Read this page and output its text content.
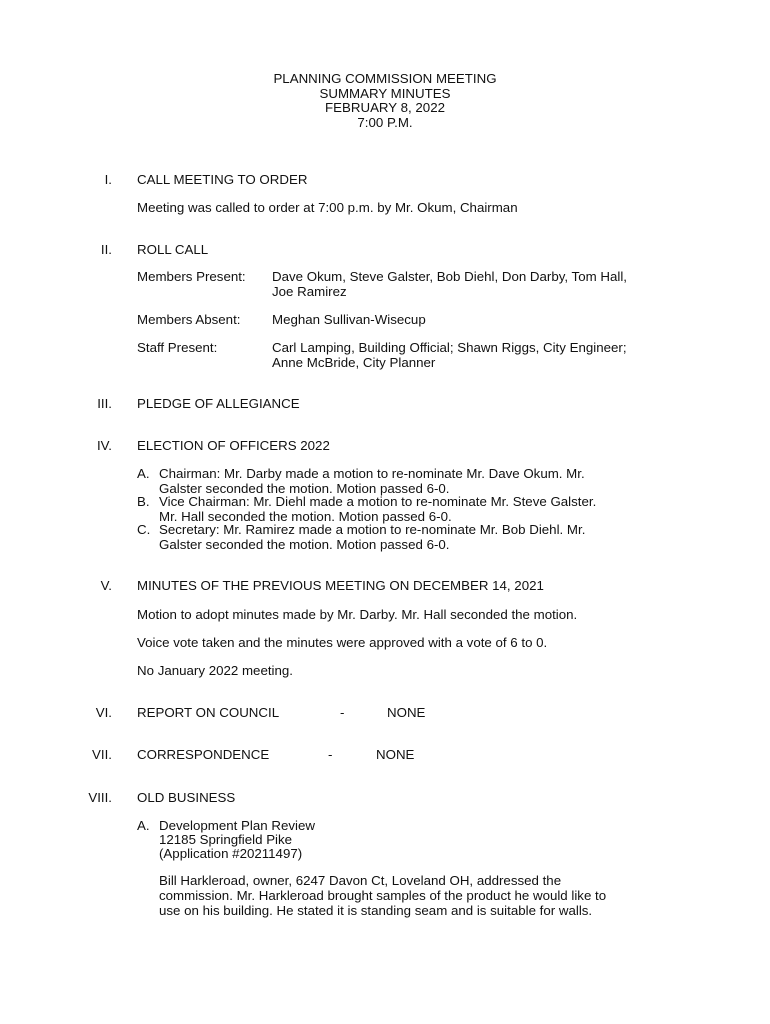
PLANNING COMMISSION MEETING
SUMMARY MINUTES
FEBRUARY 8, 2022
7:00 P.M.
I. CALL MEETING TO ORDER
Meeting was called to order at 7:00 p.m. by Mr. Okum, Chairman
II. ROLL CALL
Members Present: Dave Okum, Steve Galster, Bob Diehl, Don Darby, Tom Hall,
Joe Ramirez
Members Absent: Meghan Sullivan-Wisecup
Staff Present:	Carl Lamping, Building Official; Shawn Riggs, City Engineer;
Anne McBride, City Planner
III. PLEDGE OF ALLEGIANCE
IV. ELECTION OF OFFICERS 2022
A. Chairman: Mr. Darby made a motion to re-nominate Mr. Dave Okum. Mr.
Galster seconded the motion. Motion passed 6-0.
B. Vice Chairman: Mr. Diehl made a motion to re-nominate Mr. Steve Galster.
Mr. Hall seconded the motion. Motion passed 6-0.
C. Secretary: Mr. Ramirez made a motion to re-nominate Mr. Bob Diehl. Mr.
Galster seconded the motion. Motion passed 6-0.
V. MINUTES OF THE PREVIOUS MEETING ON DECEMBER 14, 2021
Motion to adopt minutes made by Mr. Darby. Mr. Hall seconded the motion.
Voice vote taken and the minutes were approved with a vote of 6 to 0.
No January 2022 meeting.
VI. REPORT ON COUNCIL	-	NONE
VII. CORRESPONDENCE	-	NONE
VIII. OLD BUSINESS
A. Development Plan Review
12185 Springfield Pike
(Application #20211497)
Bill Harkleroad, owner, 6247 Davon Ct, Loveland OH, addressed the
commission. Mr. Harkleroad brought samples of the product he would like to
use on his building. He stated it is standing seam and is suitable for walls.
